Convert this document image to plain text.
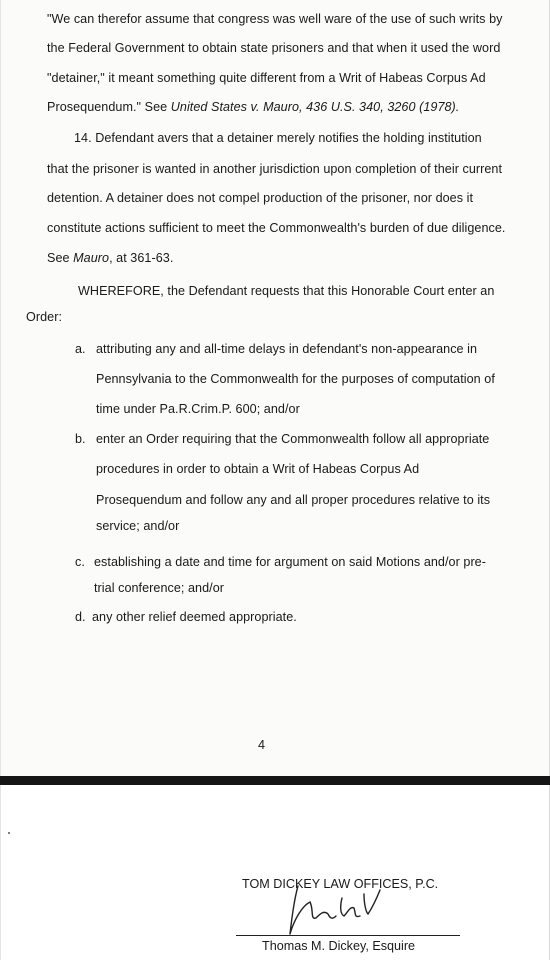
"We can therefor assume that congress was well ware of the use of such writs by
the Federal Government to obtain state prisoners and that when it used the word
"detainer," it meant something quite different from a Writ of Habeas Corpus Ad
Prosequendum." See United States v. Mauro, 436 U.S. 340, 3260 (1978).
14. Defendant avers that a detainer merely notifies the holding institution
that the prisoner is wanted in another jurisdiction upon completion of their current
detention. A detainer does not compel production of the prisoner, nor does it
constitute actions sufficient to meet the Commonwealth's burden of due diligence.
See Mauro, at 361-63.
WHEREFORE, the Defendant requests that this Honorable Court enter an
Order:
a. attributing any and all-time delays in defendant's non-appearance in
Pennsylvania to the Commonwealth for the purposes of computation of
time under Pa.R.Crim.P. 600; and/or
b. enter an Order requiring that the Commonwealth follow all appropriate
procedures in order to obtain a Writ of Habeas Corpus Ad
Prosequendum and follow any and all proper procedures relative to its
service; and/or
c. establishing a date and time for argument on said Motions and/or pre-
trial conference; and/or
d. any other relief deemed appropriate.
4
TOM DICKEY LAW OFFICES, P.C.
Thomas M. Dickey, Esquire
